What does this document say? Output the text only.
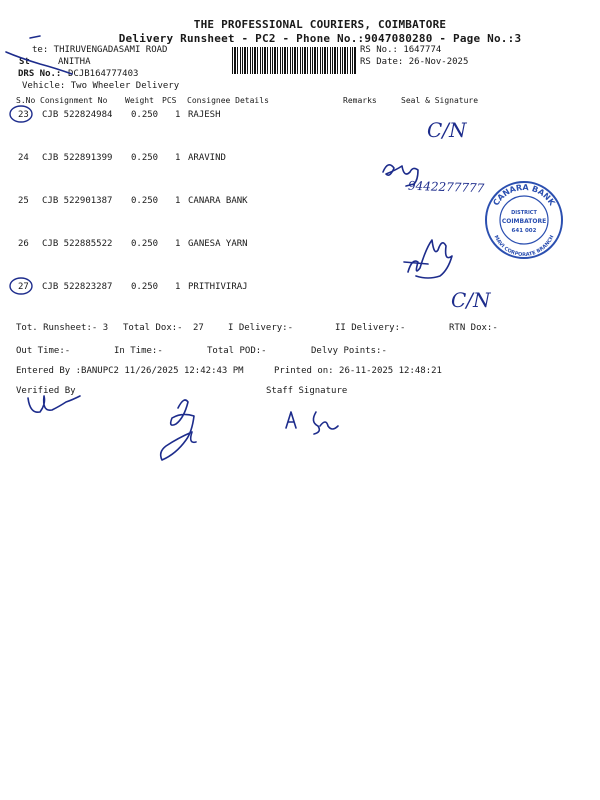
THE PROFESSIONAL COURIERS, COIMBATORE
Delivery Runsheet - PC2 - Phone No.:9047080280 - Page No.:3
te: THIRUVENGADASAMI ROAD
St	ANITHA
DRS No.: DCJB164777403
Vehicle: Two Wheeler Delivery
RS No.: 1647774
RS Date: 26-Nov-2025
S.No Consignment No Weight PCS Consignee Details	Remarks	Seal & Signature
23 CJB 522824984 0.250 1 RAJESH
24 CJB 522891399 0.250 1 ARAVIND
25 CJB 522901387 0.250 1 CANARA BANK
26 CJB 522885522 0.250 1 GANESA YARN
27 CJB 522823287 0.250 1 PRITHIVIRAJ
Tot. Runsheet:- 3 Total Dox:- 27	I Delivery:-	II Delivery:-	RTN Dox:-
Out Time:-	In Time:-	Total POD:-	Delvy Points:-
Entered By :BANUPC2 11/26/2025 12:42:43 PM	Printed on: 26-11-2025 12:48:21
Verified By	Staff Signature
C/N
C/N
9442277777
CANARA BANK
MAVI CORPORATE BRANCH
DISTRICT
COIMBATORE
641 002
